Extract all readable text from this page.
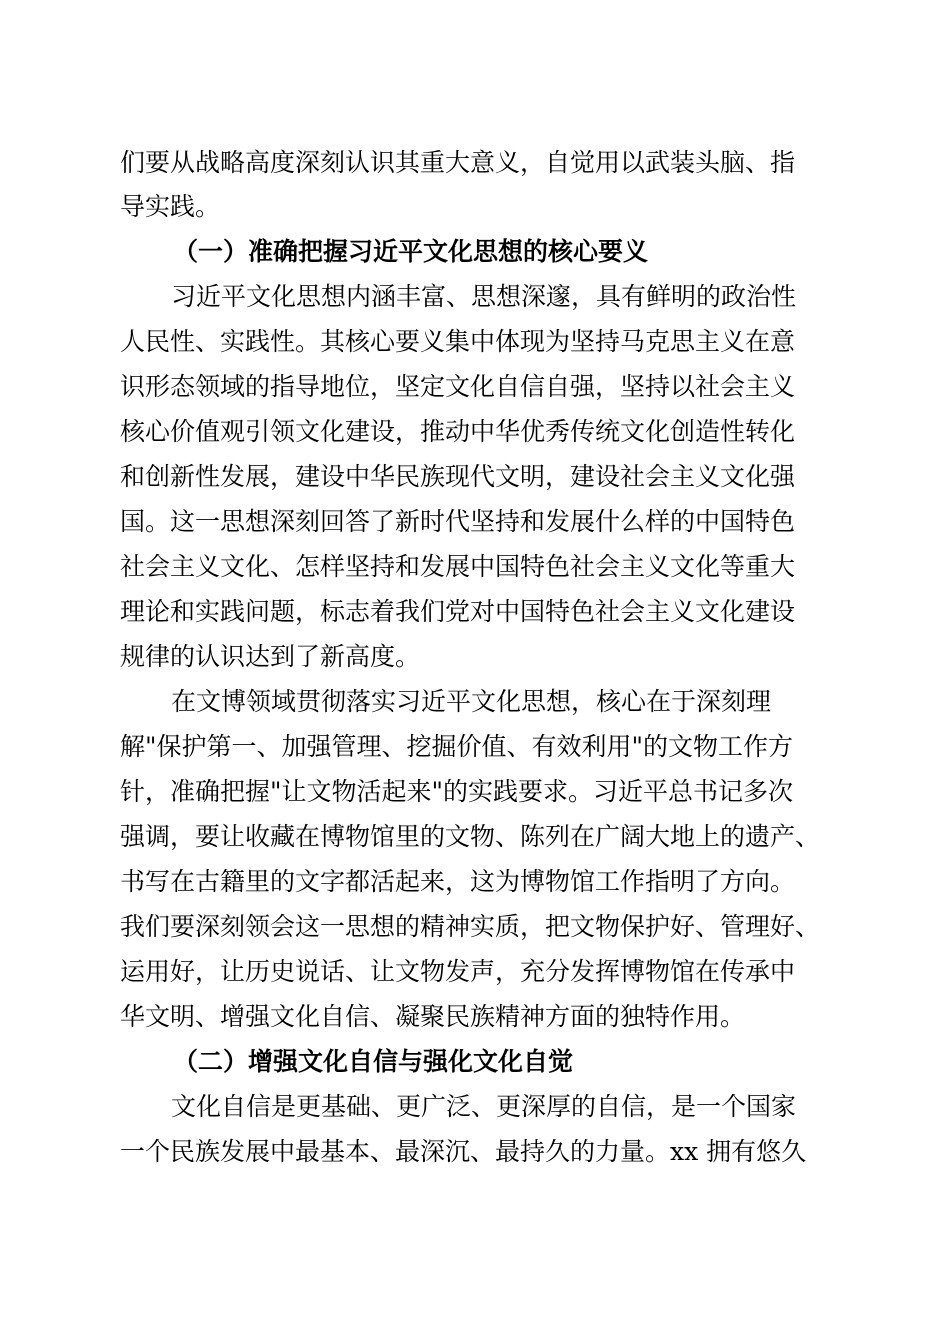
们要从战略高度深刻认识其重大意义，自觉用以武装头脑、指
导实践。
（一）准确把握习近平文化思想的核心要义
习近平文化思想内涵丰富、思想深邃，具有鲜明的政治性
人民性、实践性。其核心要义集中体现为坚持马克思主义在意
识形态领域的指导地位，坚定文化自信自强，坚持以社会主义
核心价值观引领文化建设，推动中华优秀传统文化创造性转化
和创新性发展，建设中华民族现代文明，建设社会主义文化强
国。这一思想深刻回答了新时代坚持和发展什么样的中国特色
社会主义文化、怎样坚持和发展中国特色社会主义文化等重大
理论和实践问题，标志着我们党对中国特色社会主义文化建设
规律的认识达到了新高度。
在文博领域贯彻落实习近平文化思想，核心在于深刻理
解"保护第一、加强管理、挖掘价值、有效利用"的文物工作方
针，准确把握"让文物活起来"的实践要求。习近平总书记多次
强调，要让收藏在博物馆里的文物、陈列在广阔大地上的遗产、
书写在古籍里的文字都活起来，这为博物馆工作指明了方向。
我们要深刻领会这一思想的精神实质，把文物保护好、管理好、
运用好，让历史说话、让文物发声，充分发挥博物馆在传承中
华文明、增强文化自信、凝聚民族精神方面的独特作用。
（二）增强文化自信与强化文化自觉
文化自信是更基础、更广泛、更深厚的自信，是一个国家
一个民族发展中最基本、最深沉、最持久的力量。xx 拥有悠久
